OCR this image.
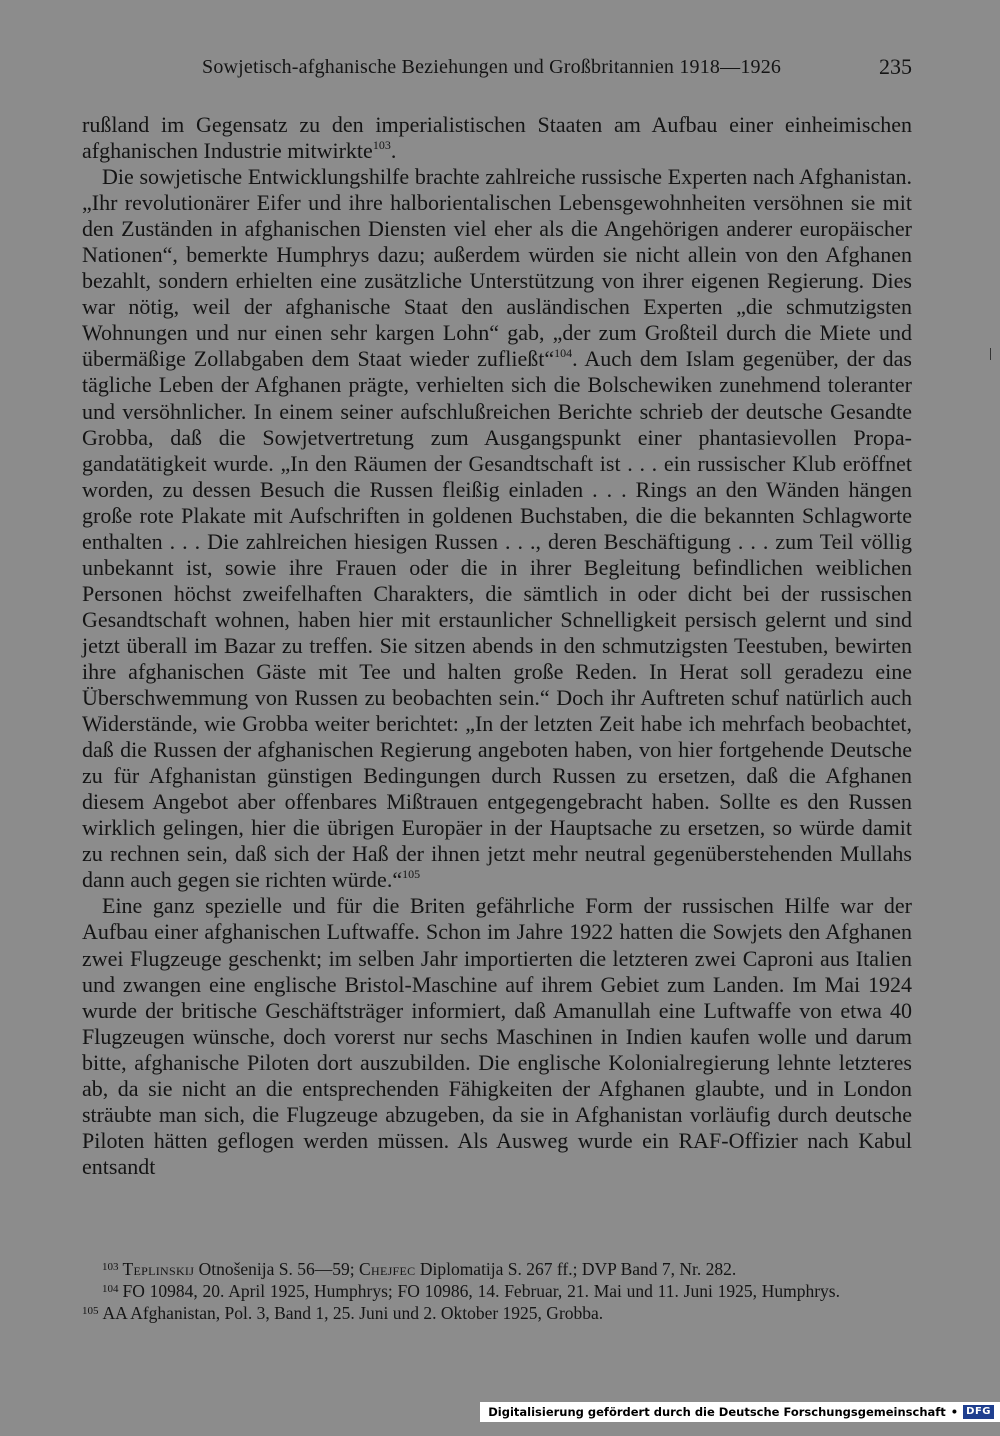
Sowjetisch-afghanische Beziehungen und Großbritannien 1918—1926	235

rußland im Gegensatz zu den imperialistischen Staaten am Aufbau einer einheimischen afghanischen Industrie mitwirkte$^{103}$.

Die sowjetische Entwicklungshilfe brachte zahlreiche russische Experten nach Afghanistan. „Ihr revolutionärer Eifer und ihre halborientalischen Lebensgewohnheiten versöhnen sie mit den Zuständen in afghanischen Diensten viel eher als die Angehörigen anderer europäischer Nationen“, bemerkte Humphrys dazu; außerdem würden sie nicht allein von den Afghanen bezahlt, sondern erhielten eine zusätzliche Unterstützung von ihrer eigenen Regierung. Dies war nötig, weil der afghanische Staat den ausländischen Experten „die schmutzigsten Wohnungen und nur einen sehr kargen Lohn“ gab, „der zum Großteil durch die Miete und übermäßige Zollabgaben dem Staat wieder zufließt“$^{104}$. Auch dem Islam gegenüber, der das tägliche Leben der Afghanen prägte, verhielten sich die Bolschewiken zunehmend toleranter und versöhnlicher. In einem seiner aufschlußreichen Berichte schrieb der deutsche Gesandte Grobba, daß die Sowjetvertretung zum Ausgangspunkt einer phantasievollen Propagandatätigkeit wurde. „In den Räumen der Gesandtschaft ist . . . ein russischer Klub eröffnet worden, zu dessen Besuch die Russen fleißig einladen . . . Rings an den Wänden hängen große rote Plakate mit Aufschriften in goldenen Buchstaben, die die bekannten Schlagworte enthalten . . . Die zahlreichen hiesigen Russen . . ., deren Beschäftigung . . . zum Teil völlig unbekannt ist, sowie ihre Frauen oder die in ihrer Begleitung befindlichen weiblichen Personen höchst zweifelhaften Charakters, die sämtlich in oder dicht bei der russischen Gesandtschaft wohnen, haben hier mit erstaunlicher Schnelligkeit persisch gelernt und sind jetzt überall im Bazar zu treffen. Sie sitzen abends in den schmutzigsten Teestuben, bewirten ihre afghanischen Gäste mit Tee und halten große Reden. In Herat soll geradezu eine Überschwemmung von Russen zu beobachten sein.“ Doch ihr Auftreten schuf natürlich auch Widerstände, wie Grobba weiter berichtet: „In der letzten Zeit habe ich mehrfach beobachtet, daß die Russen der afghanischen Regierung angeboten haben, von hier fortgehende Deutsche zu für Afghanistan günstigen Bedingungen durch Russen zu ersetzen, daß die Afghanen diesem Angebot aber offenbares Mißtrauen entgegengebracht haben. Sollte es den Russen wirklich gelingen, hier die übrigen Europäer in der Hauptsache zu ersetzen, so würde damit zu rechnen sein, daß sich der Haß der ihnen jetzt mehr neutral gegenüberstehenden Mullahs dann auch gegen sie richten würde.“$^{105}$

Eine ganz spezielle und für die Briten gefährliche Form der russischen Hilfe war der Aufbau einer afghanischen Luftwaffe. Schon im Jahre 1922 hatten die Sowjets den Afghanen zwei Flugzeuge geschenkt; im selben Jahr importierten die letzteren zwei Caproni aus Italien und zwangen eine englische Bristol-Maschine auf ihrem Gebiet zum Landen. Im Mai 1924 wurde der britische Geschäftsträger informiert, daß Amanullah eine Luftwaffe von etwa 40 Flugzeugen wünsche, doch vorerst nur sechs Maschinen in Indien kaufen wolle und darum bitte, afghanische Piloten dort auszubilden. Die englische Kolonialregierung lehnte letzteres ab, da sie nicht an die entsprechenden Fähigkeiten der Afghanen glaubte, und in London sträubte man sich, die Flugzeuge abzugeben, da sie in Afghanistan vorläufig durch deutsche Piloten hätten geflogen werden müssen. Als Ausweg wurde ein RAF-Offizier nach Kabul entsandt

$^{103}$ Teplinskij Otnošenija S. 56—59; Chejfec Diplomatija S. 267 ff.; DVP Band 7, Nr. 282.

$^{104}$ FO 10984, 20. April 1925, Humphrys; FO 10986, 14. Februar, 21. Mai und 11. Juni 1925, Humphrys.$^{105}$ AA Afghanistan, Pol. 3, Band 1, 25. Juni und 2. Oktober 1925, Grobba.

Digitalisierung gefördert durch die Deutsche Forschungsgemeinschaft • DFG
